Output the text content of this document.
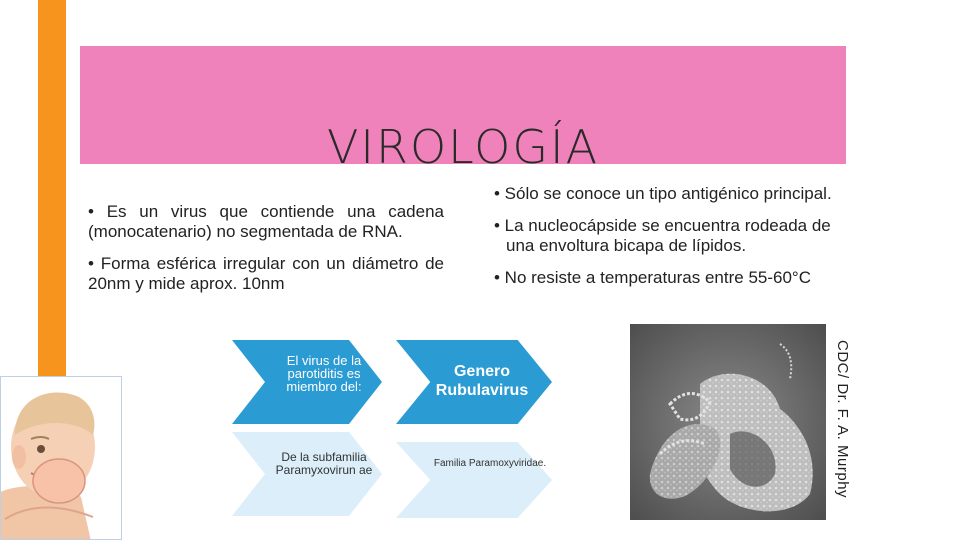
VIROLOGÍA
• Es un virus que contiende una cadena (monocatenario) no segmentada de RNA.
• Forma esférica irregular con un diámetro de 20nm y mide aprox. 10nm
• Sólo se conoce un tipo antigénico principal.
• La nucleocápside se encuentra rodeada de una envoltura bicapa de lípidos.
• No resiste a temperaturas entre 55-60°C
El virus de la parotiditis es miembro del:
De la subfamilia Paramyxovirun ae
Genero Rubulavirus
Familia Paramoxyviridae.	CDC/ Dr. F. A. Murphy
